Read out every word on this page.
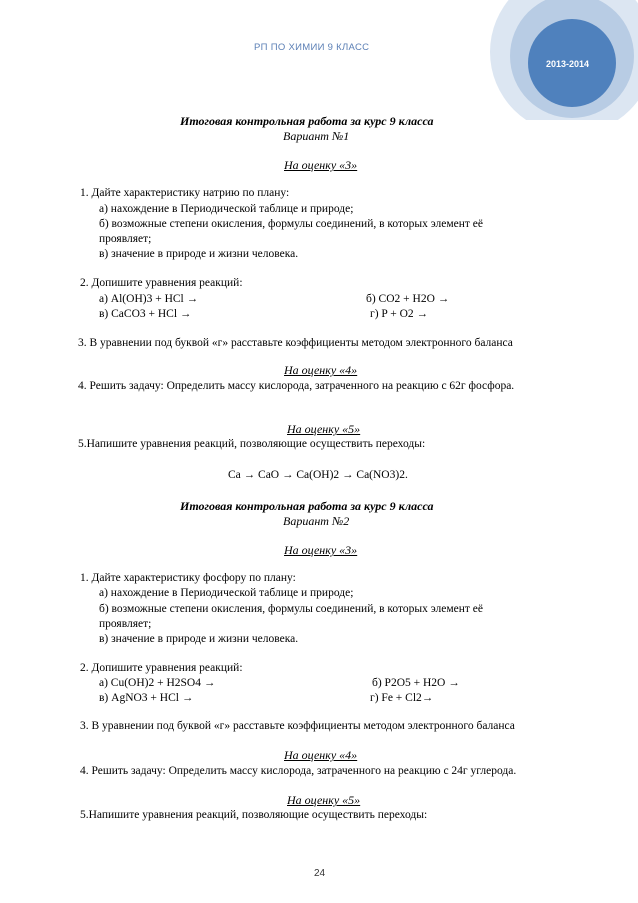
2013-2014
РП ПО ХИМИИ 9 КЛАСС
Итоговая контрольная работа за курс 9 класса
Вариант №1
На оценку «3»
1. Дайте характеристику натрию по плану:
а) нахождение в Периодической таблице и природе;
б) возможные степени окисления, формулы соединений, в которых элемент её
проявляет;
в) значение в природе и жизни человека.
2. Допишите уравнения реакций:
а) Al(OH)3 + HCl →	б) CO2 + H2O →
в) CaCO3 + HCl →	г) P + O2 →
3. В уравнении под буквой «г» расставьте коэффициенты методом электронного баланса
На оценку «4»
4. Решить задачу: Определить массу кислорода, затраченного на реакцию с 62г фосфора.
На оценку «5»
5.Напишите уравнения реакций, позволяющие осуществить переходы:
Ca → CaO → Ca(OH)2 → Ca(NO3)2.
Итоговая контрольная работа за курс 9 класса
Вариант №2
На оценку «3»
1. Дайте характеристику фосфору по плану:
а) нахождение в Периодической таблице и природе;
б) возможные степени окисления, формулы соединений, в которых элемент её
проявляет;
в) значение в природе и жизни человека.
2. Допишите уравнения реакций:
а) Cu(OH)2 + H2SO4 →	б) P2O5 + H2O →
в) AgNO3 + HCl →	г) Fe + Cl2→
3. В уравнении под буквой «г» расставьте коэффициенты методом электронного баланса
На оценку «4»
4. Решить задачу: Определить массу кислорода, затраченного на реакцию с 24г углерода.
На оценку «5»
5.Напишите уравнения реакций, позволяющие осуществить переходы:
24
